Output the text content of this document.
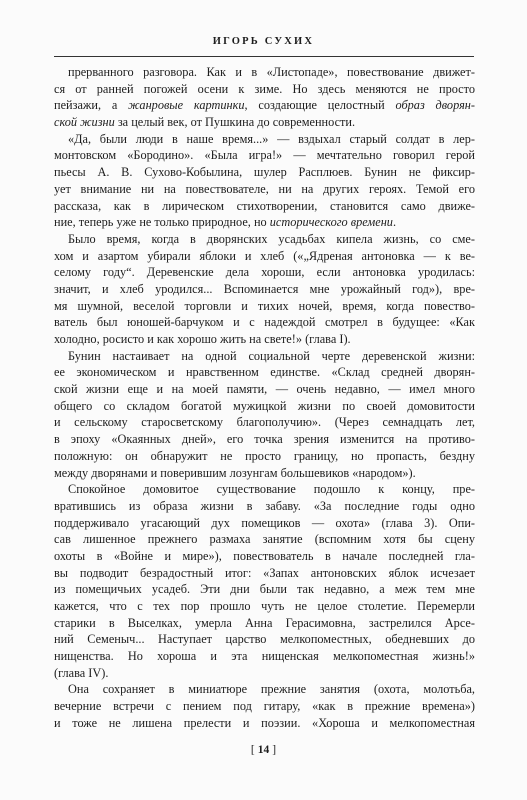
ИГОРЬ СУХИХ
прерванного разговора. Как и в «Листопаде», повествование движет-
ся от ранней погожей осени к зиме. Но здесь меняются не просто
пейзажи, а жанровые картинки, создающие целостный образ дворян-
ской жизни за целый век, от Пушкина до современности.
«Да, были люди в наше время...» — вздыхал старый солдат в лер-
монтовском «Бородино». «Была игра!» — мечтательно говорил герой
пьесы А. В. Сухово-Кобылина, шулер Расплюев. Бунин не фиксир-
ует внимание ни на повествователе, ни на других героях. Темой его
рассказа, как в лирическом стихотворении, становится само движе-
ние, теперь уже не только природное, но исторического времени.
Было время, когда в дворянских усадьбах кипела жизнь, со сме-
хом и азартом убирали яблоки и хлеб («„Ядреная антоновка — к ве-
селому году“. Деревенские дела хороши, если антоновка уродилась:
значит, и хлеб уродился... Вспоминается мне урожайный год»), вре-
мя шумной, веселой торговли и тихих ночей, время, когда повество-
ватель был юношей-барчуком и с надеждой смотрел в будущее: «Как
холодно, росисто и как хорошо жить на свете!» (глава I).
Бунин настаивает на одной социальной черте деревенской жизни:
ее экономическом и нравственном единстве. «Склад средней дворян-
ской жизни еще и на моей памяти, — очень недавно, — имел много
общего со складом богатой мужицкой жизни по своей домовитости
и сельскому старосветскому благополучию». (Через семнадцать лет,
в эпоху «Окаянных дней», его точка зрения изменится на противо-
положную: он обнаружит не просто границу, но пропасть, бездну
между дворянами и поверившим лозунгам большевиков «народом»).
Спокойное домовитое существование подошло к концу, пре-
вратившись из образа жизни в забаву. «За последние годы одно
поддерживало угасающий дух помещиков — охота» (глава 3). Опи-
сав лишенное прежнего размаха занятие (вспомним хотя бы сцену
охоты в «Войне и мире»), повествователь в начале последней гла-
вы подводит безрадостный итог: «Запах антоновских яблок исчезает
из помещичьих усадеб. Эти дни были так недавно, а меж тем мне
кажется, что с тех пор прошло чуть не целое столетие. Перемерли
старики в Выселках, умерла Анна Герасимовна, застрелился Арсе-
ний Семеныч... Наступает царство мелкопоместных, обедневших до
нищенства. Но хороша и эта нищенская мелкопоместная жизнь!»
(глава IV).
Она сохраняет в миниатюре прежние занятия (охота, молотьба,
вечерние встречи с пением под гитару, «как в прежние времена»)
и тоже не лишена прелести и поэзии. «Хороша и мелкопоместная
[ 14 ]
